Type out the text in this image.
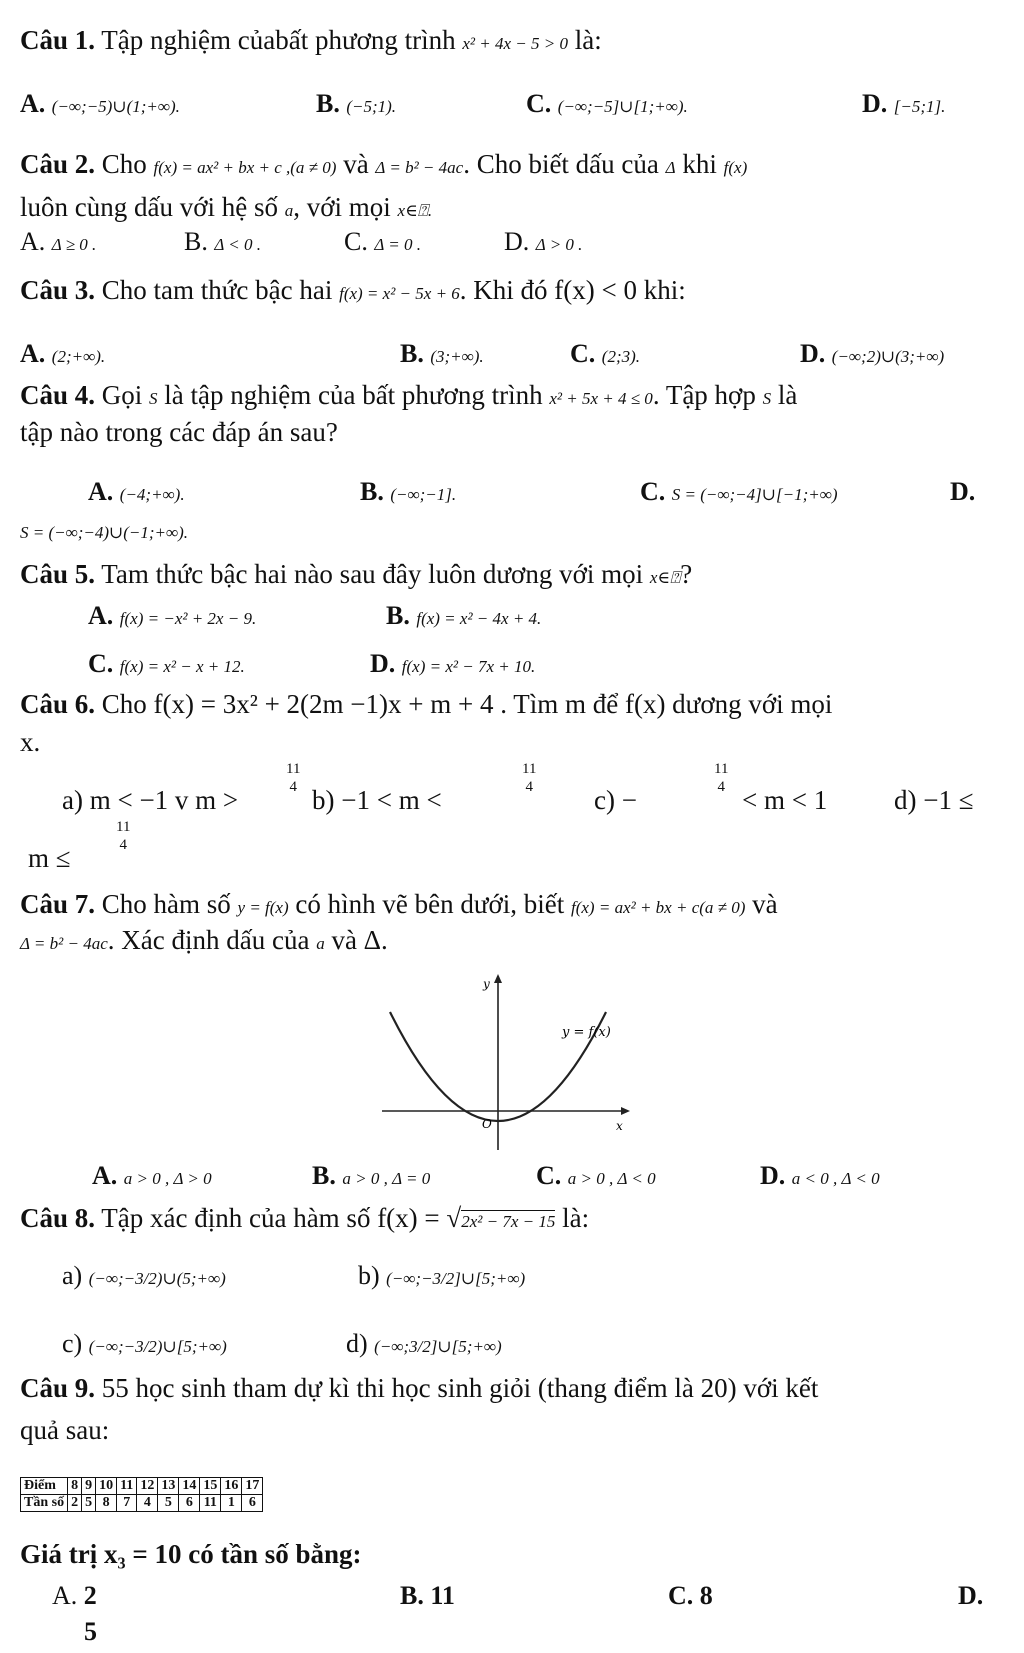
Câu 1. Tập nghiệm củabất phương trình x² + 4x − 5 > 0 là:
A. (−∞;−5)∪(1;+∞).	B. (−5;1).	C. (−∞;−5]∪[1;+∞).	D. [−5;1].
Câu 2. Cho f(x) = ax² + bx + c ,(a ≠ 0) và Δ = b² − 4ac. Cho biết dấu của Δ khi f(x)
luôn cùng dấu với hệ số a, với mọi x∈⍰.
A. Δ ≥ 0 .	B. Δ < 0 .	C. Δ = 0 .	D. Δ > 0 .
Câu 3. Cho tam thức bậc hai f(x) = x² − 5x + 6. Khi đó f(x) < 0 khi:
A. (2;+∞).	B. (3;+∞).	C. (2;3).	D. (−∞;2)∪(3;+∞)
Câu 4. Gọi S là tập nghiệm của bất phương trình x² + 5x + 4 ≤ 0. Tập hợp S là
tập nào trong các đáp án sau?
A. (−4;+∞).	B. (−∞;−1].	C. S = (−∞;−4]∪[−1;+∞)	D.
S = (−∞;−4)∪(−1;+∞).
Câu 5. Tam thức bậc hai nào sau đây luôn dương với mọi x∈⍰?
A. f(x) = −x² + 2x − 9.	B. f(x) = x² − 4x + 4.
C. f(x) = x² − x + 12.	D. f(x) = x² − 7x + 10.
Câu 6. Cho f(x) = 3x² + 2(2m −1)x + m + 4 . Tìm m để f(x) dương với mọi
x.
a) m < −1 v m >
11
4 b) −1 < m <
11
4 c) −
11
4 < m < 1 d) −1 ≤
m ≤
11
4
Câu 7. Cho hàm số y = f(x) có hình vẽ bên dưới, biết f(x) = ax² + bx + c(a ≠ 0) và
Δ = b² − 4ac. Xác định dấu của a và Δ.
y
x
O
y = f(x)
A. a > 0 , Δ > 0	B. a > 0 , Δ = 0	C. a > 0 , Δ < 0	D. a < 0 , Δ < 0
Câu 8. Tập xác định của hàm số f(x) = √2x² − 7x − 15 là:
a) (−∞;−3/2)∪(5;+∞)	b) (−∞;−3/2]∪[5;+∞)
c) (−∞;−3/2)∪[5;+∞)	d) (−∞;3/2]∪[5;+∞)
Câu 9. 55 học sinh tham dự kì thi học sinh giỏi (thang điểm là 20) với kết
quả sau:
Điểm	8	9	10	11	12	13	14	15	16	17
Tần số	2	5	8	7	4	5	6	11	1	6
Giá trị x₃ = 10 có tần số bằng:
A. 2	B. 11	C. 8	D.
5
